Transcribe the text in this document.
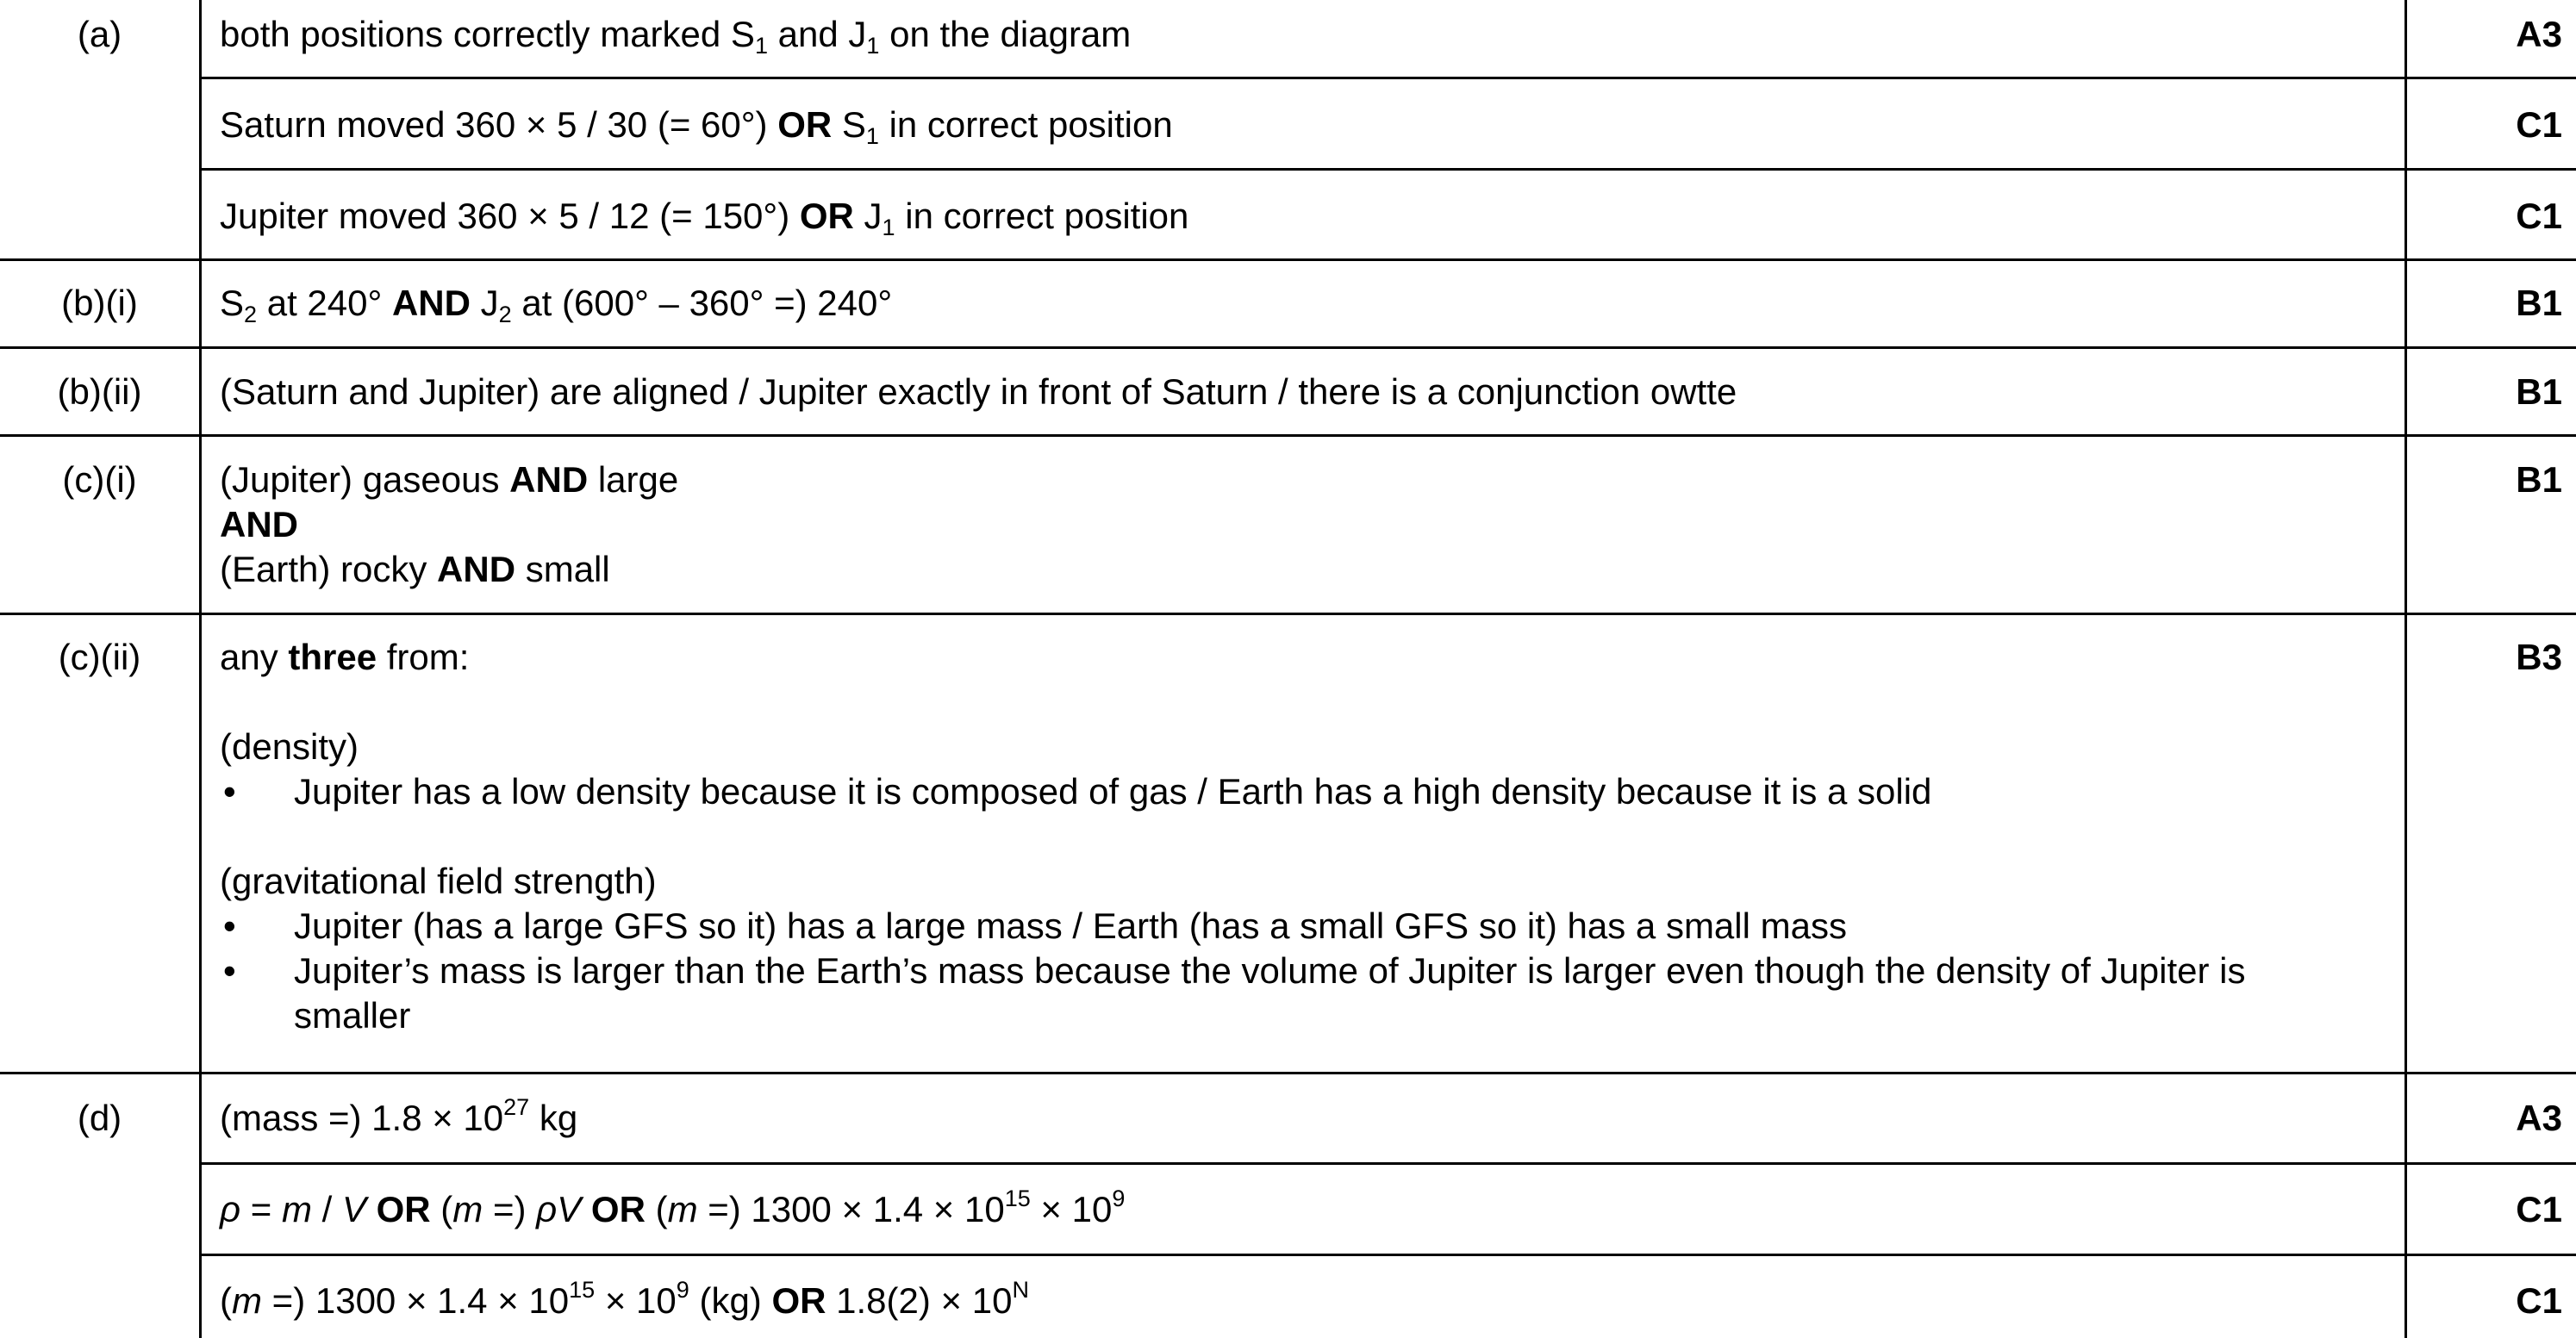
(a)	both positions correctly marked $S_1$ and $J_1$ on the diagram	A3
Saturn moved 360 × 5 / 30 (= 60°) OR $S_1$ in correct position	C1
Jupiter moved 360 × 5 / 12 (= 150°) OR $J_1$ in correct position	C1
(b)(i)	$S_2$ at 240° AND $J_2$ at (600° – 360° =) 240°	B1
(b)(ii)	(Saturn and Jupiter) are aligned / Jupiter exactly in front of Saturn / there is a conjunction owtte	B1
(c)(i)	(Jupiter) gaseous AND large
AND
(Earth) rocky AND small
B1
(c)(ii)	any three from:
(density)
• Jupiter has a low density because it is composed of gas / Earth has a high density because it is a solid
(gravitational field strength)
• Jupiter (has a large GFS so it) has a large mass / Earth (has a small GFS so it) has a small mass
• Jupiter’s mass is larger than the Earth’s mass because the volume of Jupiter is larger even though the density of Jupiter is smaller
B3
(d)	(mass =) $1.8 \times 10^{27}$ kg	A3
ρ = m / V OR (m =) ρV OR (m =) $1300 \times 1.4 \times 10^{15} \times 10^9$	C1
(m =) $1300 \times 1.4 \times 10^{15} \times 10^9$ (kg) OR $1.8(2) \times 10^N$	C1
